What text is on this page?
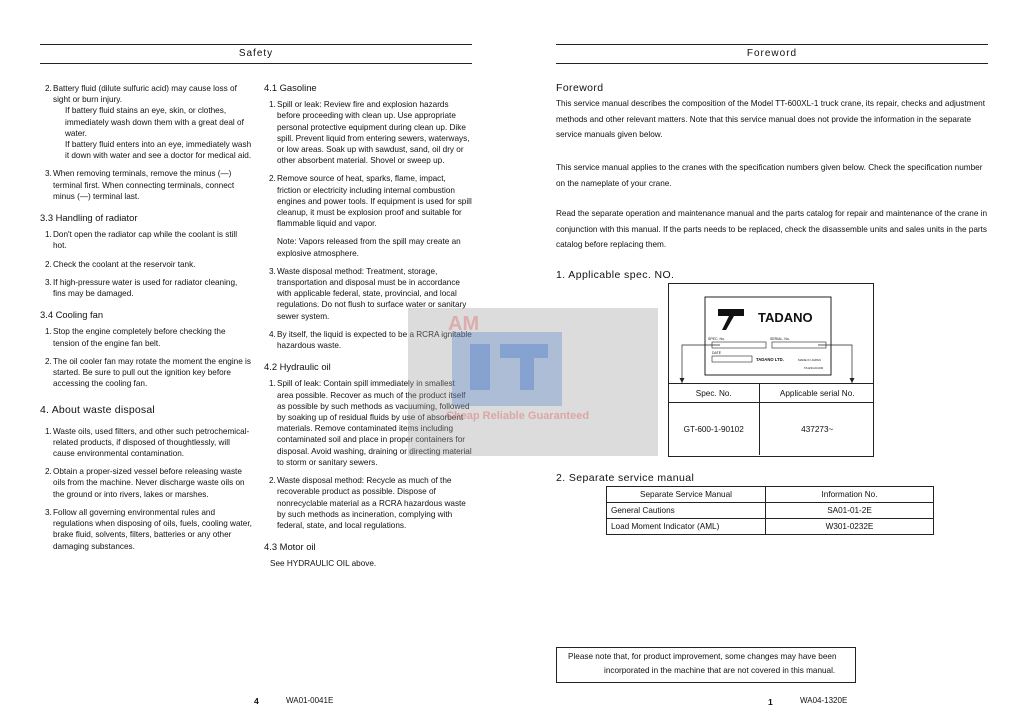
Safety
2. Battery fluid (dilute sulfuric acid) may cause loss of sight or burn injury.
If battery fluid stains an eye, skin, or clothes, immediately wash down them with a great deal of water.
If battery fluid enters into an eye, immediately wash it down with water and see a doctor for medical aid.
3. When removing terminals, remove the minus (—) terminal first. When connecting terminals, connect minus (—) terminal last.
3.3 Handling of radiator
1. Don't open the radiator cap while the coolant is still hot.
2. Check the coolant at the reservoir tank.
3. If high-pressure water is used for radiator cleaning, fins may be damaged.
3.4 Cooling fan
1. Stop the engine completely before checking the tension of the engine fan belt.
2. The oil cooler fan may rotate the moment the engine is started. Be sure to pull out the ignition key before accessing the cooling fan.
4. About waste disposal
1. Waste oils, used filters, and other such petrochemical-related products, if disposed of thoughtlessly, will cause environmental contamination.
2. Obtain a proper-sized vessel before releasing waste oils from the machine. Never discharge waste oils on the ground or into rivers, lakes or marshes.
3. Follow all governing environmental rules and regulations when disposing of oils, fuels, cooling water, brake fluid, solvents, filters, batteries or any other damaging substances.
4.1 Gasoline
1. Spill or leak: Review fire and explosion hazards before proceeding with clean up. Use appropriate personal protective equipment during clean up. Dike spill. Prevent liquid from entering sewers, waterways, or low areas. Soak up with sawdust, sand, oil dry or other absorbent material. Shovel or sweep up.
2. Remove source of heat, sparks, flame, impact, friction or electricity including internal combustion engines and power tools. If equipment is used for spill cleanup, it must be explosion proof and suitable for flammable liquid and vapor.
Note: Vapors released from the spill may create an explosive atmosphere.
3. Waste disposal method: Treatment, storage, transportation and disposal must be in accordance with applicable federal, state, provincial, and local regulations. Do not flush to surface water or sanitary sewer system.
4. By itself, the liquid is expected to be a RCRA ignitable hazardous waste.
4.2 Hydraulic oil
1. Spill of leak: Contain spill immediately in smallest area possible. Recover as much of the product itself as possible by such methods as vacuuming, followed by soaking up of residual fluids by use of absorbent materials. Remove contaminated items including contaminated soil and place in proper containers for disposal. Avoid washing, draining or directing material to storm or sanitary sewers.
2. Waste disposal method: Recycle as much of the recoverable product as possible. Dispose of nonrecyclable material as a RCRA hazardous waste by such methods as incineration, complying with federal, state, and local regulations.
4.3 Motor oil
See HYDRAULIC OIL above.
4	WA01-0041E
AM
Cheap Reliable Guaranteed
Foreword
Foreword
This service manual describes the composition of the Model TT-600XL-1 truck crane, its repair, checks and adjustment methods and other relevant matters. Note that this service manual does not provide the information in the separate service manuals given below.
This service manual applies to the cranes with the specification numbers given below. Check the specification number on the nameplate of your crane.
Read the separate operation and maintenance manual and the parts catalog for repair and maintenance of the crane in conjunction with this manual. If the parts needs to be replaced, check the disassemble units and sales units in the parts catalog before replacing them.
1. Applicable spec. NO.
TADANO
SPEC. No.	SERIAL. No.
DATE
TADANO LTD.	MADE IN JAPAN
TA1234-00-000
Spec. No.	Applicable serial No.
GT-600-1-90102	437273~
2. Separate service manual
Separate Service Manual	Information No.
General Cautions	SA01-01-2E
Load Moment Indicator (AML)	W301-0232E
Please note that, for product improvement, some changes may have been
incorporated in the machine that are not covered in this manual.
1	WA04-1320E
